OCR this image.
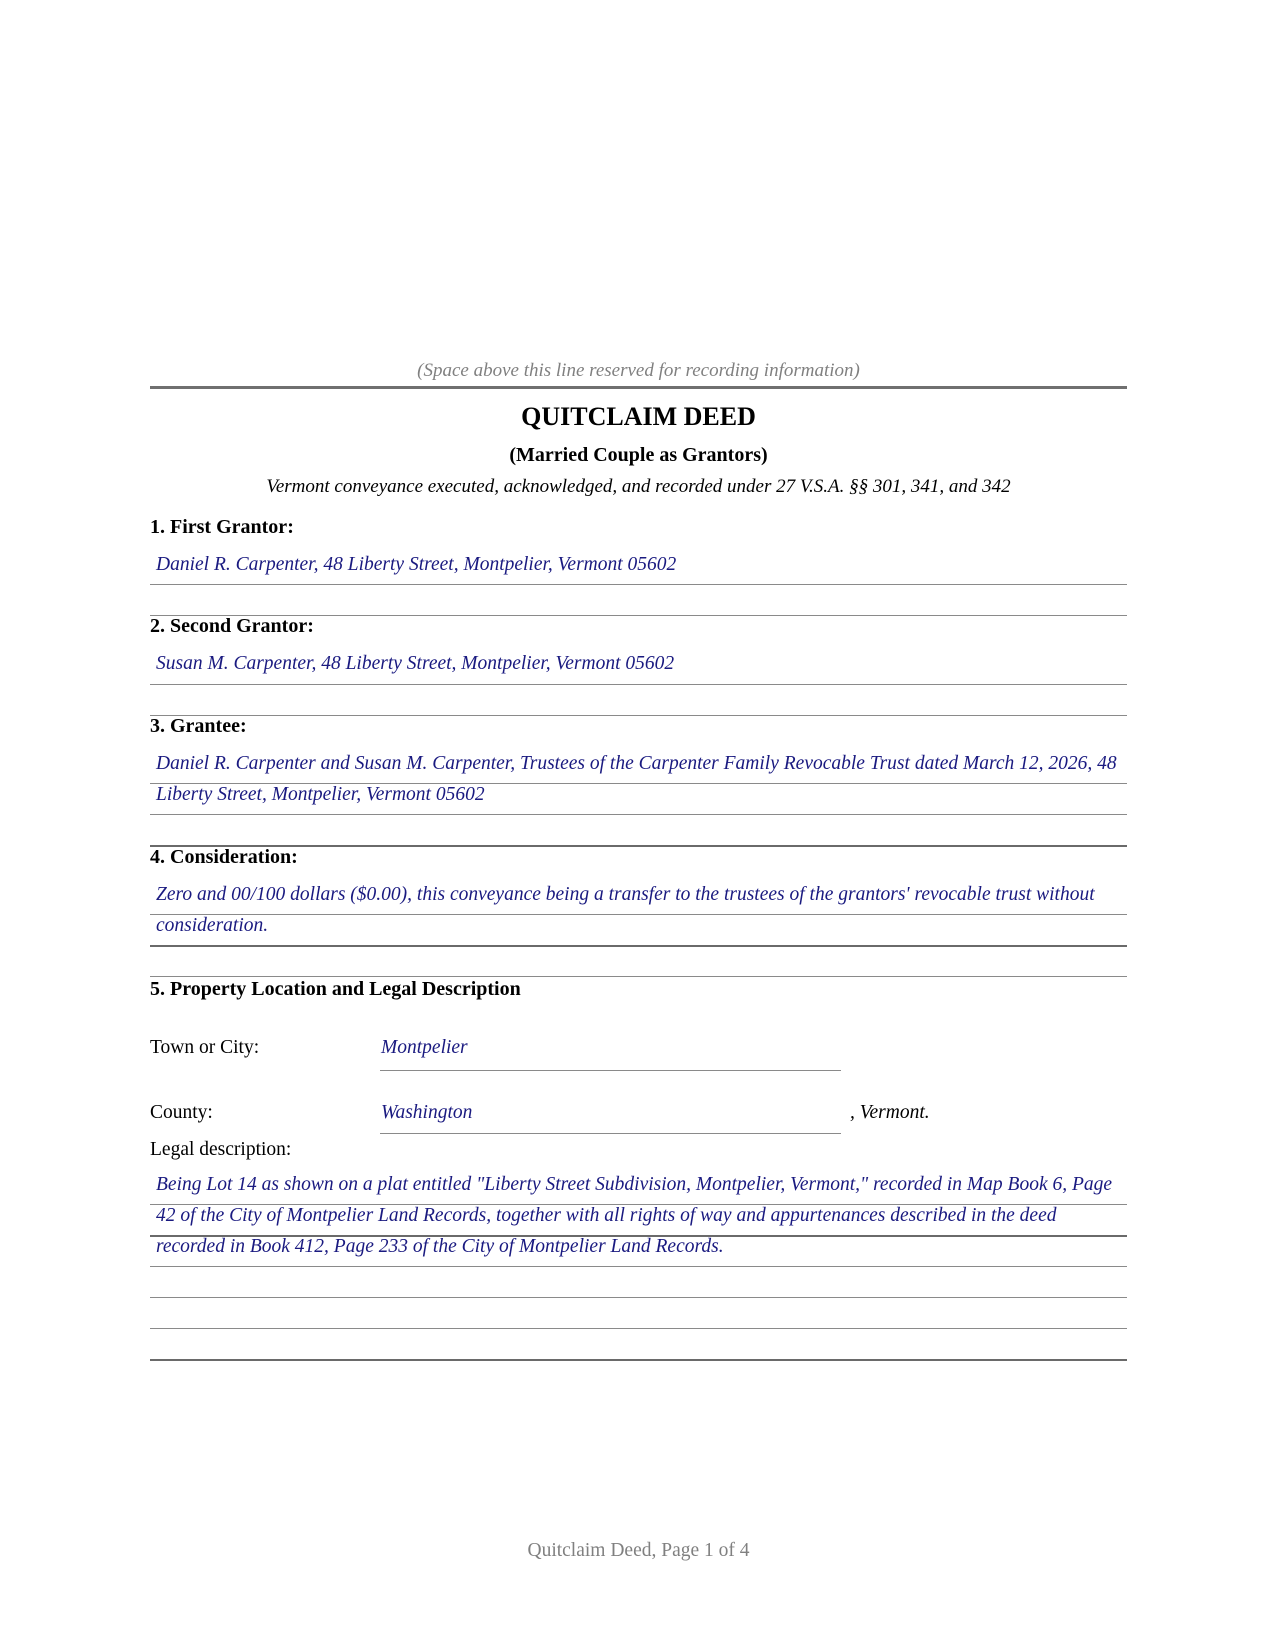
(Space above this line reserved for recording information)
QUITCLAIM DEED
(Married Couple as Grantors)
Vermont conveyance executed, acknowledged, and recorded under 27 V.S.A. §§ 301, 341, and 342
1. First Grantor:
Daniel R. Carpenter, 48 Liberty Street, Montpelier, Vermont 05602
2. Second Grantor:
Susan M. Carpenter, 48 Liberty Street, Montpelier, Vermont 05602
3. Grantee:
Daniel R. Carpenter and Susan M. Carpenter, Trustees of the Carpenter Family Revocable Trust dated March 12, 2026, 48 Liberty Street, Montpelier, Vermont 05602
4. Consideration:
Zero and 00/100 dollars ($0.00), this conveyance being a transfer to the trustees of the grantors' revocable trust without consideration.
5. Property Location and Legal Description
Town or City:	Montpelier
County:	Washington	, Vermont.
Legal description:
Being Lot 14 as shown on a plat entitled "Liberty Street Subdivision, Montpelier, Vermont," recorded in Map Book 6, Page 42 of the City of Montpelier Land Records, together with all rights of way and appurtenances described in the deed recorded in Book 412, Page 233 of the City of Montpelier Land Records.
Quitclaim Deed, Page 1 of 4
